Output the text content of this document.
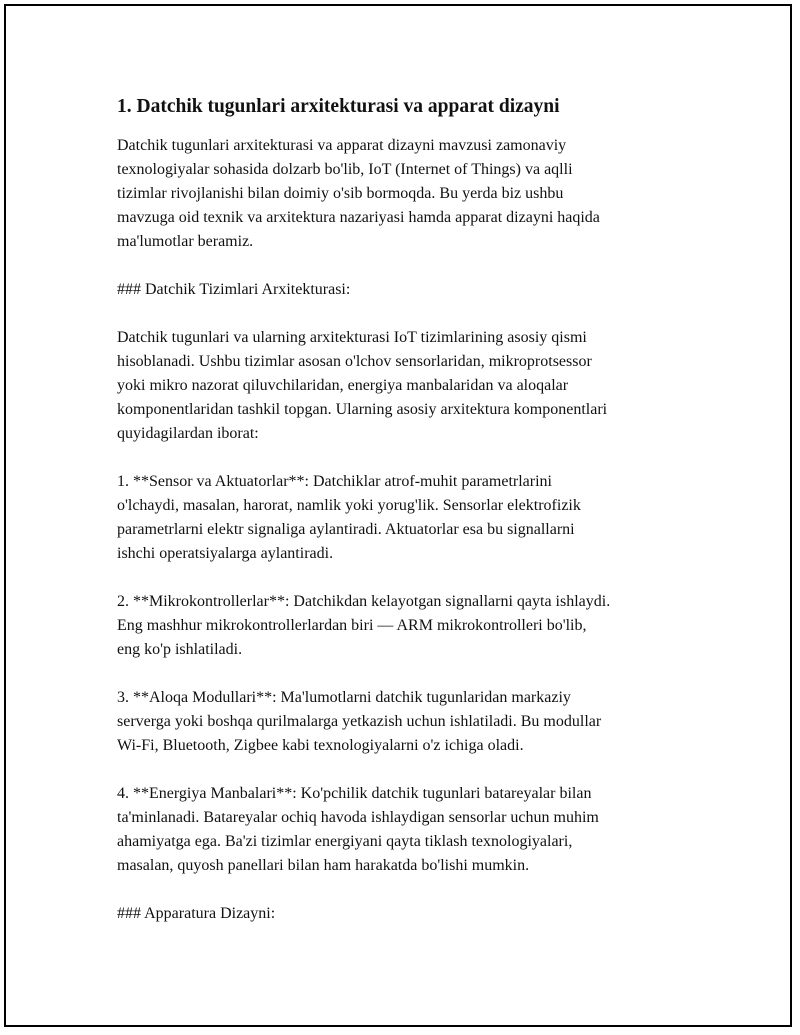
1. Datchik tugunlari arxitekturasi va apparat dizayni
Datchik tugunlari arxitekturasi va apparat dizayni mavzusi zamonaviy
texnologiyalar sohasida dolzarb bo'lib, IoT (Internet of Things) va aqlli
tizimlar rivojlanishi bilan doimiy o'sib bormoqda. Bu yerda biz ushbu
mavzuga oid texnik va arxitektura nazariyasi hamda apparat dizayni haqida
ma'lumotlar beramiz.
### Datchik Tizimlari Arxitekturasi:
Datchik tugunlari va ularning arxitekturasi IoT tizimlarining asosiy qismi
hisoblanadi. Ushbu tizimlar asosan o'lchov sensorlaridan, mikroprotsessor
yoki mikro nazorat qiluvchilaridan, energiya manbalaridan va aloqalar
komponentlaridan tashkil topgan. Ularning asosiy arxitektura komponentlari
quyidagilardan iborat:
1. **Sensor va Aktuatorlar**: Datchiklar atrof-muhit parametrlarini
o'lchaydi, masalan, harorat, namlik yoki yorug'lik. Sensorlar elektrofizik
parametrlarni elektr signaliga aylantiradi. Aktuatorlar esa bu signallarni
ishchi operatsiyalarga aylantiradi.
2. **Mikrokontrollerlar**: Datchikdan kelayotgan signallarni qayta ishlaydi.
Eng mashhur mikrokontrollerlardan biri — ARM mikrokontrolleri bo'lib,
eng ko'p ishlatiladi.
3. **Aloqa Modullari**: Ma'lumotlarni datchik tugunlaridan markaziy
serverga yoki boshqa qurilmalarga yetkazish uchun ishlatiladi. Bu modullar
Wi-Fi, Bluetooth, Zigbee kabi texnologiyalarni o'z ichiga oladi.
4. **Energiya Manbalari**: Ko'pchilik datchik tugunlari batareyalar bilan
ta'minlanadi. Batareyalar ochiq havoda ishlaydigan sensorlar uchun muhim
ahamiyatga ega. Ba'zi tizimlar energiyani qayta tiklash texnologiyalari,
masalan, quyosh panellari bilan ham harakatda bo'lishi mumkin.
### Apparatura Dizayni:
